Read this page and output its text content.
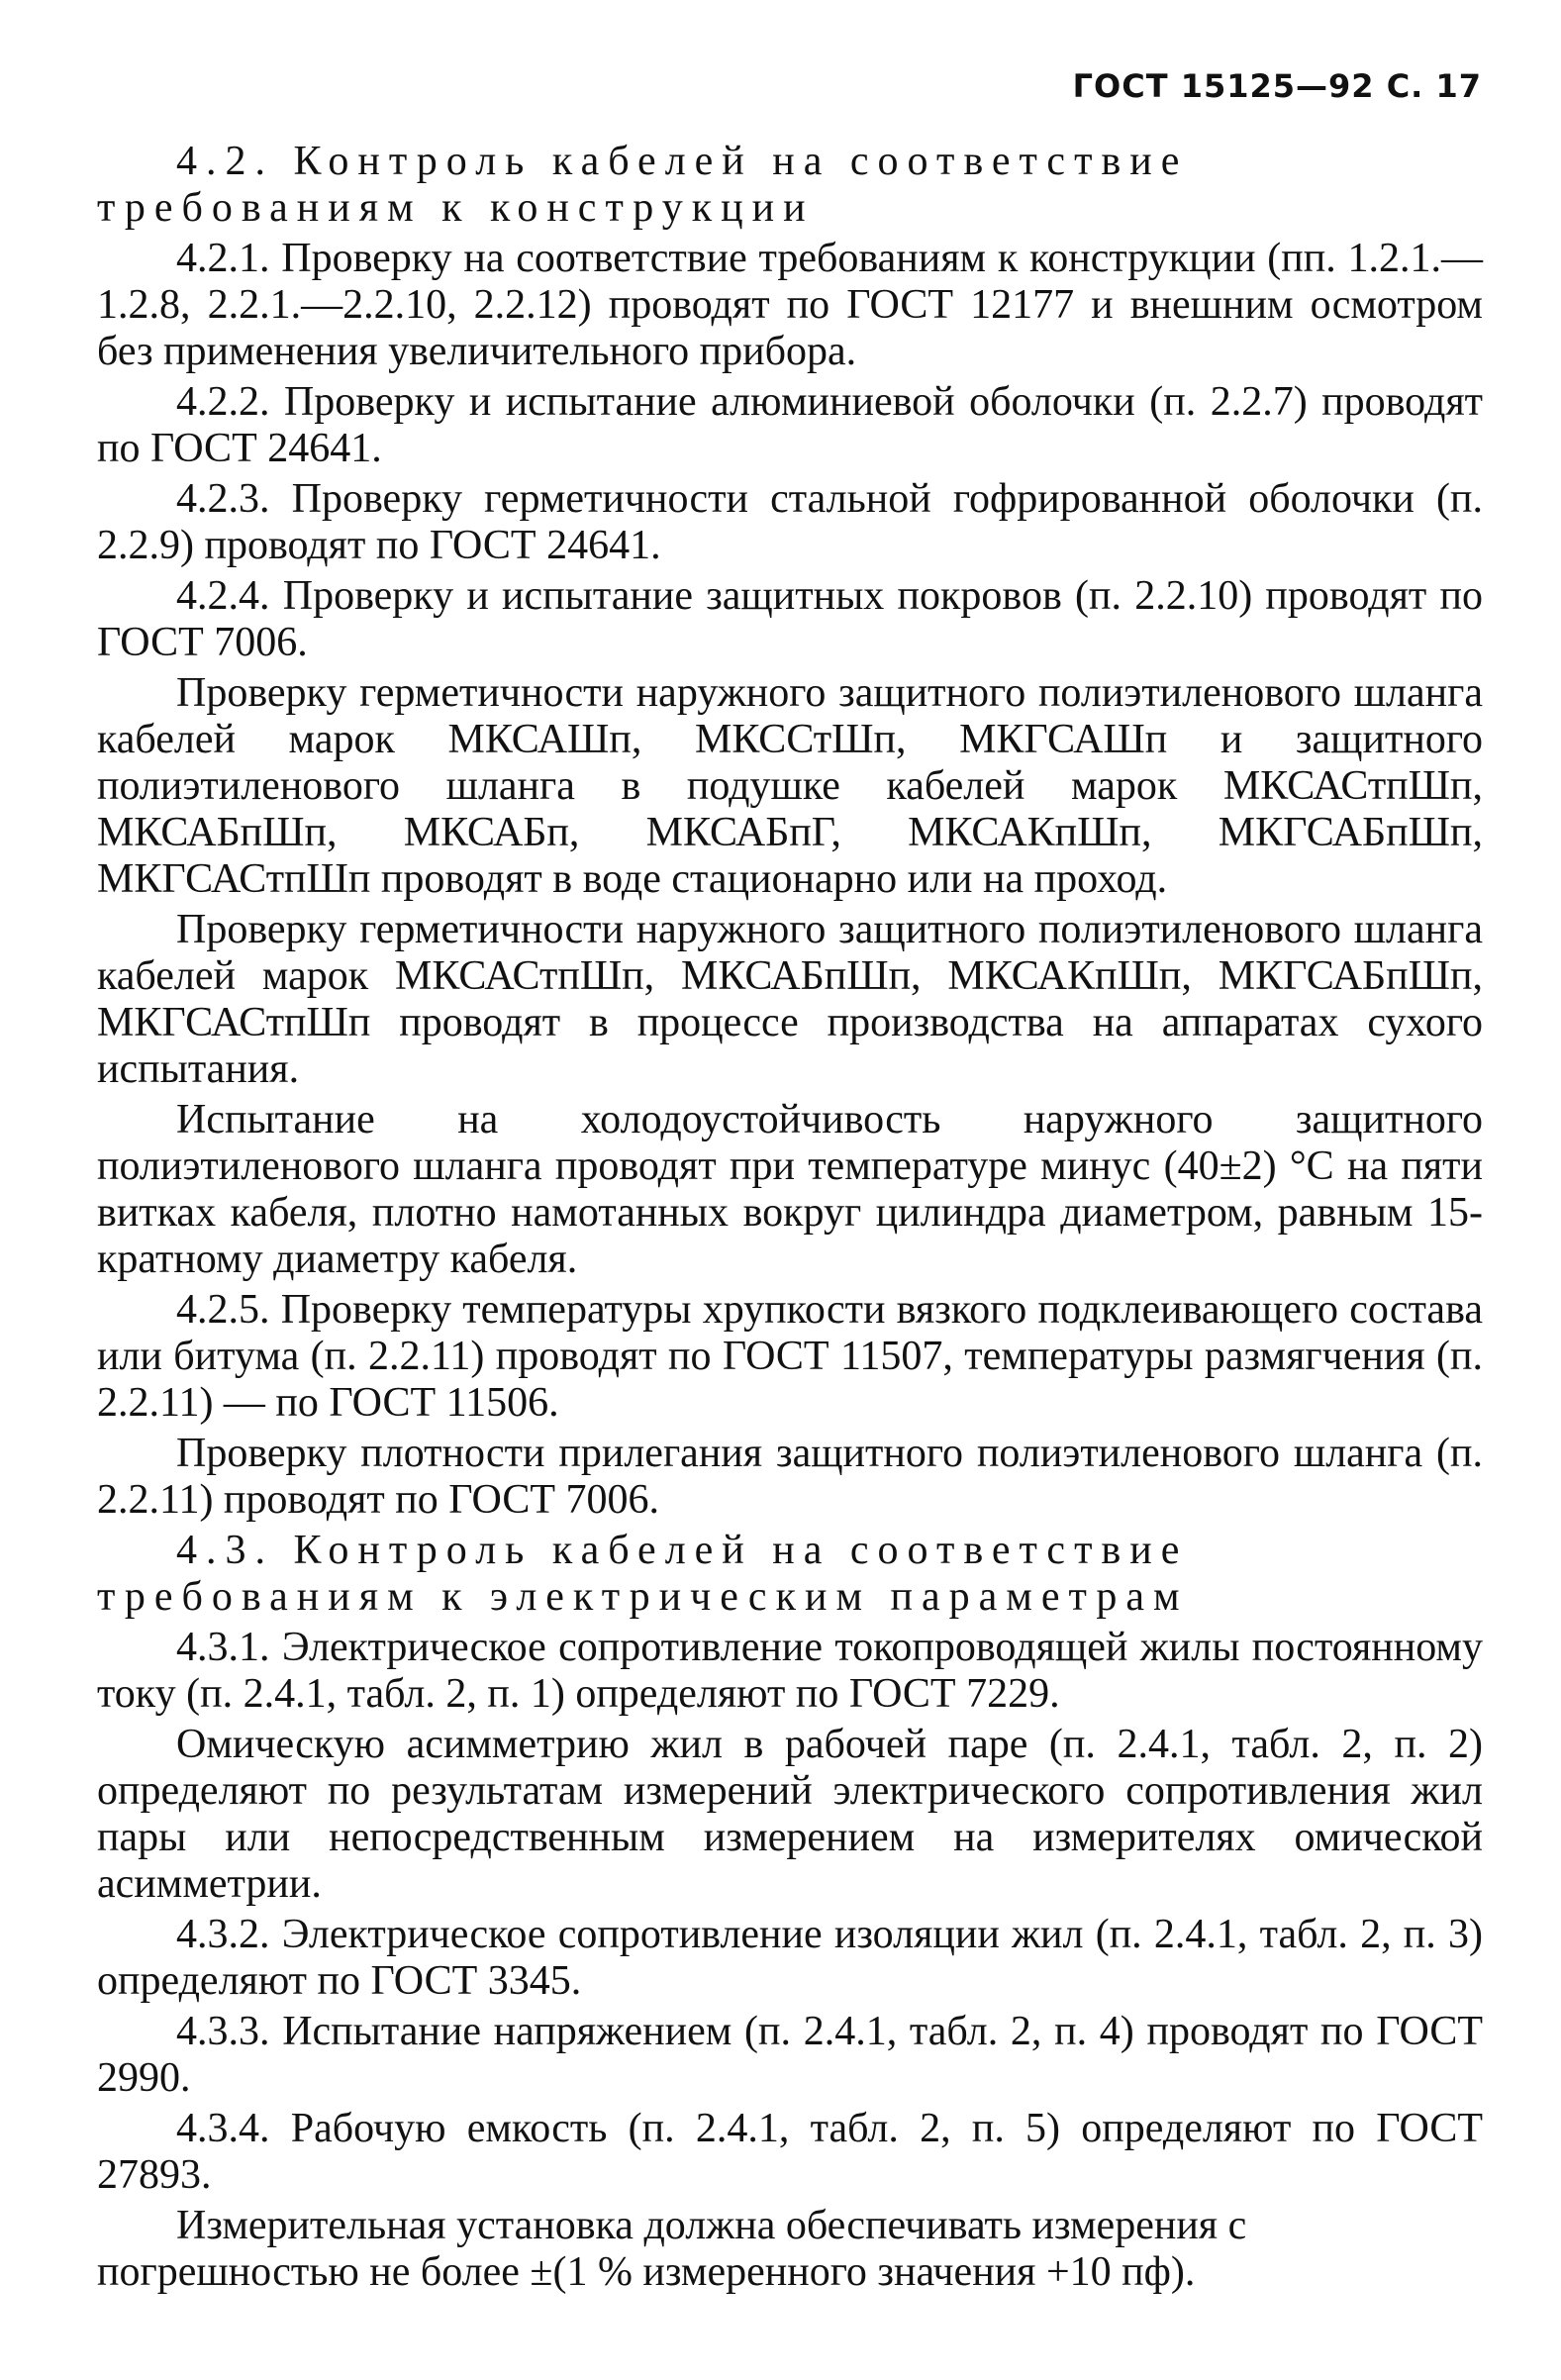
ГОСТ 15125—92 С. 17

4.2. Контроль кабелей на соответствие требованиям к конструкции

4.2.1. Проверку на соответствие требованиям к конструкции (пп. 1.2.1.—1.2.8, 2.2.1.—2.2.10, 2.2.12) проводят по ГОСТ 12177 и внешним осмотром без применения увеличительного прибора.

4.2.2. Проверку и испытание алюминиевой оболочки (п. 2.2.7) проводят по ГОСТ 24641.

4.2.3. Проверку герметичности стальной гофрированной оболочки (п. 2.2.9) проводят по ГОСТ 24641.

4.2.4. Проверку и испытание защитных покровов (п. 2.2.10) проводят по ГОСТ 7006.

Проверку герметичности наружного защитного полиэтиленового шланга кабелей марок МКСАШп, МКССтШп, МКГСАШп и защитного полиэтиленового шланга в подушке кабелей марок МКСАСтпШп, МКСАБпШп, МКСАБп, МКСАБпГ, МКСАКпШп, МКГСАБпШп, МКГСАСтпШп проводят в воде стационарно или на проход.

Проверку герметичности наружного защитного полиэтиленового шланга кабелей марок МКСАСтпШп, МКСАБпШп, МКСАКпШп, МКГСАБпШп, МКГСАСтпШп проводят в процессе производства на аппаратах сухого испытания.

Испытание на холодоустойчивость наружного защитного полиэтиленового шланга проводят при температуре минус (40±2) °С на пяти витках кабеля, плотно намотанных вокруг цилиндра диаметром, равным 15-кратному диаметру кабеля.

4.2.5. Проверку температуры хрупкости вязкого подклеивающего состава или битума (п. 2.2.11) проводят по ГОСТ 11507, температуры размягчения (п. 2.2.11) — по ГОСТ 11506.

Проверку плотности прилегания защитного полиэтиленового шланга (п. 2.2.11) проводят по ГОСТ 7006.

4.3. Контроль кабелей на соответствие требованиям к электрическим параметрам

4.3.1. Электрическое сопротивление токопроводящей жилы постоянному току (п. 2.4.1, табл. 2, п. 1) определяют по ГОСТ 7229.

Омическую асимметрию жил в рабочей паре (п. 2.4.1, табл. 2, п. 2) определяют по результатам измерений электрического сопротивления жил пары или непосредственным измерением на измерителях омической асимметрии.

4.3.2. Электрическое сопротивление изоляции жил (п. 2.4.1, табл. 2, п. 3) определяют по ГОСТ 3345.

4.3.3. Испытание напряжением (п. 2.4.1, табл. 2, п. 4) проводят по ГОСТ 2990.

4.3.4. Рабочую емкость (п. 2.4.1, табл. 2, п. 5) определяют по ГОСТ 27893.

Измерительная установка должна обеспечивать измерения с погрешностью не более ±(1 % измеренного значения +10 пф).
